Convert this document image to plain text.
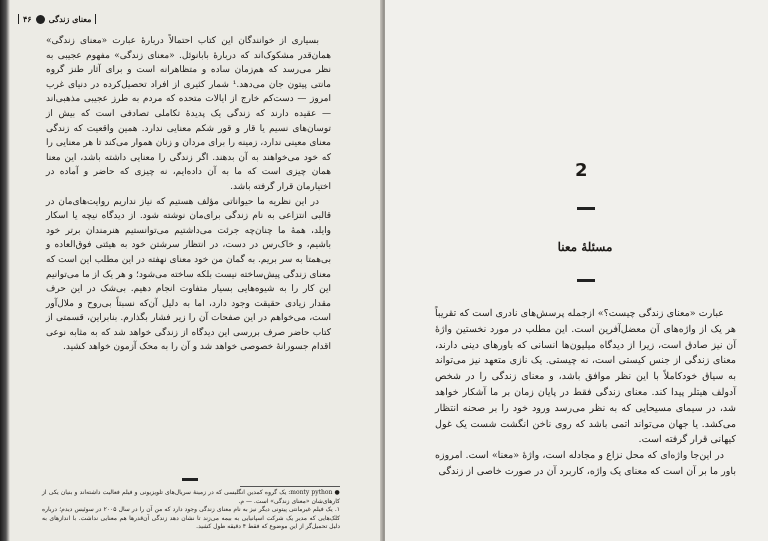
معنای زندگی
۴۶

بسیاری از خوانندگان این کتاب احتمالاً دربارهٔ عبارت «معنای زندگی» همان‌قدر مشکوک‌اند که دربارهٔ بابانوئل. «معنای زندگی» مفهوم عجیبی به نظر می‌رسد که هم‌زمان ساده و متظاهرانه است و برای آثار طنز گروه مانتی پیتون جان می‌دهد.¹ شمار کثیری از افراد تحصیل‌کرده در دنیای غرب امروز — دست‌کم خارج از ایالات متحده که مردم به طرز عجیبی مذهبی‌اند — عقیده دارند که زندگی یک پدیدهٔ تکاملی تصادفی است که بیش از توسان‌های نسیم یا قار و قور شکم معنایی ندارد. همین واقعیت که زندگی معنای معینی ندارد، زمینه را برای مردان و زنان هموار می‌کند تا هر معنایی را که خود می‌خواهند به آن بدهند. اگر زندگی را معنایی داشته باشد، این معنا همان چیزی است که ما به آن داده‌ایم، نه چیزی که حاضر و آماده در اختیارمان قرار گرفته باشد.

در این نظریه ما حیواناتی مؤلف هستیم که نیاز نداریم روایت‌های‌مان در قالبی انتزاعی به نام زندگی برای‌مان نوشته شود. از دیدگاه نیچه یا اسکار وایلد، همهٔ ما چنان‌چه جرئت می‌داشتیم می‌توانستیم هنرمندان برتر خود باشیم، و خاک‌رس در دست، در انتظار سرشتن خود به هیئتی فوق‌العاده و بی‌همتا به سر بریم. به گمان من خود معنای نهفته در این مطلب این است که معنای زندگی پیش‌ساخته نیست بلکه ساخته می‌شود؛ و هر یک از ما می‌توانیم این کار را به شیوه‌هایی بسیار متفاوت انجام دهیم. بی‌شک در این حرف مقدار زیادی حقیقت وجود دارد، اما به دلیل آن‌که نسبتاً بی‌روح و ملال‌آور است، می‌خواهم در این صفحات آن را زیر فشار بگذارم. بنابراین، قسمتی از کتاب حاضر صرف بررسی این دیدگاه از زندگی خواهد شد که به مثابه نوعی اقدام جسورانهٔ خصوصی خواهد شد و آن را به محک آزمون خواهد کشید.

● monty python: یک گروه کمدین انگلیسی که در زمینهٔ سریال‌های تلویزیونی و فیلم فعالیت داشته‌اند و بنیان یکی از کارهای‌شان «معنای زندگی» است. — م.

۱. یک فیلم غیرمانتی پیتونی دیگر نیز به نام معنای زندگی وجود دارد که من آن را در سال ۲۰۰۵ در سوئیس دیدم؛ درباره کلک‌هایی که مدیر یک شرکت اسپانیایی به بیمه می‌زند تا نشان دهد زندگی آن‌قدرها هم معنایی نداشت. با اندازهای به دلیل تحمیل‌گر از این موضوع که فقط ۴ دقیقه طول کشید.

2
مسئلهٔ معنا

عبارت «معنای زندگی چیست؟» ازجمله پرسش‌های نادری است که تقریباً هر یک از واژه‌های آن معضل‌آفرین است. این مطلب در مورد نخستین واژهٔ آن نیز صادق است، زیرا از دیدگاه میلیون‌ها انسانی که باورهای دینی دارند، معنای زندگی از جنس کیستی است، نه چیستی. یک نازی متعهد نیز می‌تواند به سیاق خودکاملاً با این نظر موافق باشد، و معنای زندگی را در شخص آدولف هیتلر پیدا کند. معنای زندگی فقط در پایان زمان بر ما آشکار خواهد شد، در سیمای مسیحایی که به نظر می‌رسد ورود خود را بر صحنه انتظار می‌کشد. یا جهان می‌تواند اتمی باشد که روی ناخن انگشت شست یک غول کیهانی قرار گرفته است.

در این‌جا واژه‌ای که محل نزاع و مجادله است، واژهٔ «معنا» است. امروزه باور ما بر آن است که معنای یک واژه، کاربرد آن در صورت خاصی از زندگی
